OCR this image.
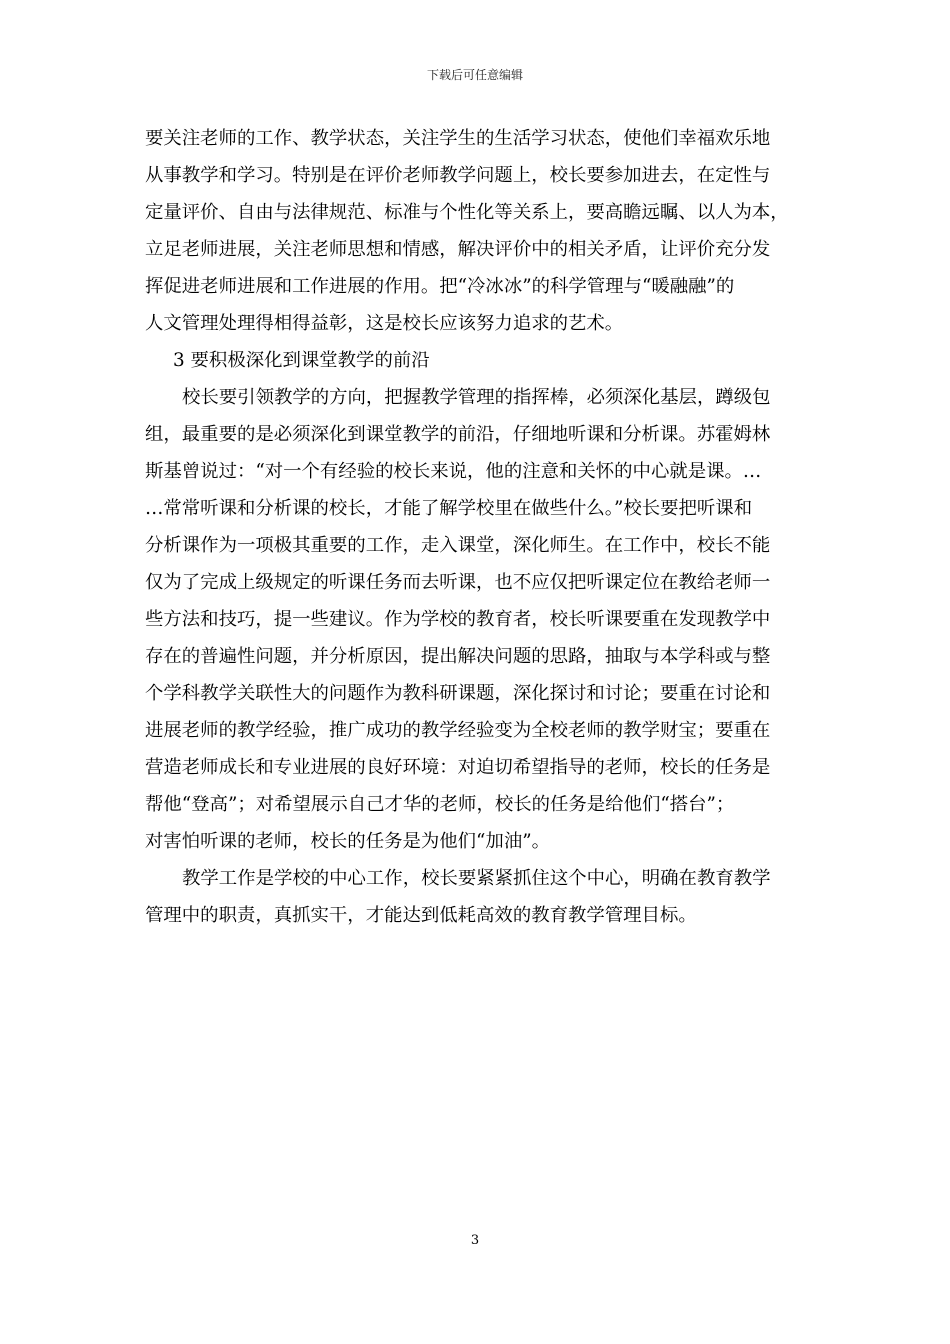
下载后可任意编辑
要关注老师的工作、教学状态，关注学生的生活学习状态，使他们幸福欢乐地
从事教学和学习。特别是在评价老师教学问题上，校长要参加进去，在定性与
定量评价、自由与法律规范、标准与个性化等关系上，要高瞻远瞩、以人为本，
立足老师进展，关注老师思想和情感，解决评价中的相关矛盾，让评价充分发
挥促进老师进展和工作进展的作用。把“冷冰冰”的科学管理与“暖融融”的
人文管理处理得相得益彰，这是校长应该努力追求的艺术。
3 要积极深化到课堂教学的前沿
校长要引领教学的方向，把握教学管理的指挥棒，必须深化基层，蹲级包
组，最重要的是必须深化到课堂教学的前沿，仔细地听课和分析课。苏霍姆林
斯基曾说过：“对一个有经验的校长来说，他的注意和关怀的中心就是课。…
…常常听课和分析课的校长，才能了解学校里在做些什么。”校长要把听课和
分析课作为一项极其重要的工作，走入课堂，深化师生。在工作中，校长不能
仅为了完成上级规定的听课任务而去听课，也不应仅把听课定位在教给老师一
些方法和技巧，提一些建议。作为学校的教育者，校长听课要重在发现教学中
存在的普遍性问题，并分析原因，提出解决问题的思路，抽取与本学科或与整
个学科教学关联性大的问题作为教科研课题，深化探讨和讨论；要重在讨论和
进展老师的教学经验，推广成功的教学经验变为全校老师的教学财宝；要重在
营造老师成长和专业进展的良好环境：对迫切希望指导的老师，校长的任务是
帮他“登高”；对希望展示自己才华的老师，校长的任务是给他们“搭台”；
对害怕听课的老师，校长的任务是为他们“加油”。
教学工作是学校的中心工作，校长要紧紧抓住这个中心，明确在教育教学
管理中的职责，真抓实干，才能达到低耗高效的教育教学管理目标。
3
